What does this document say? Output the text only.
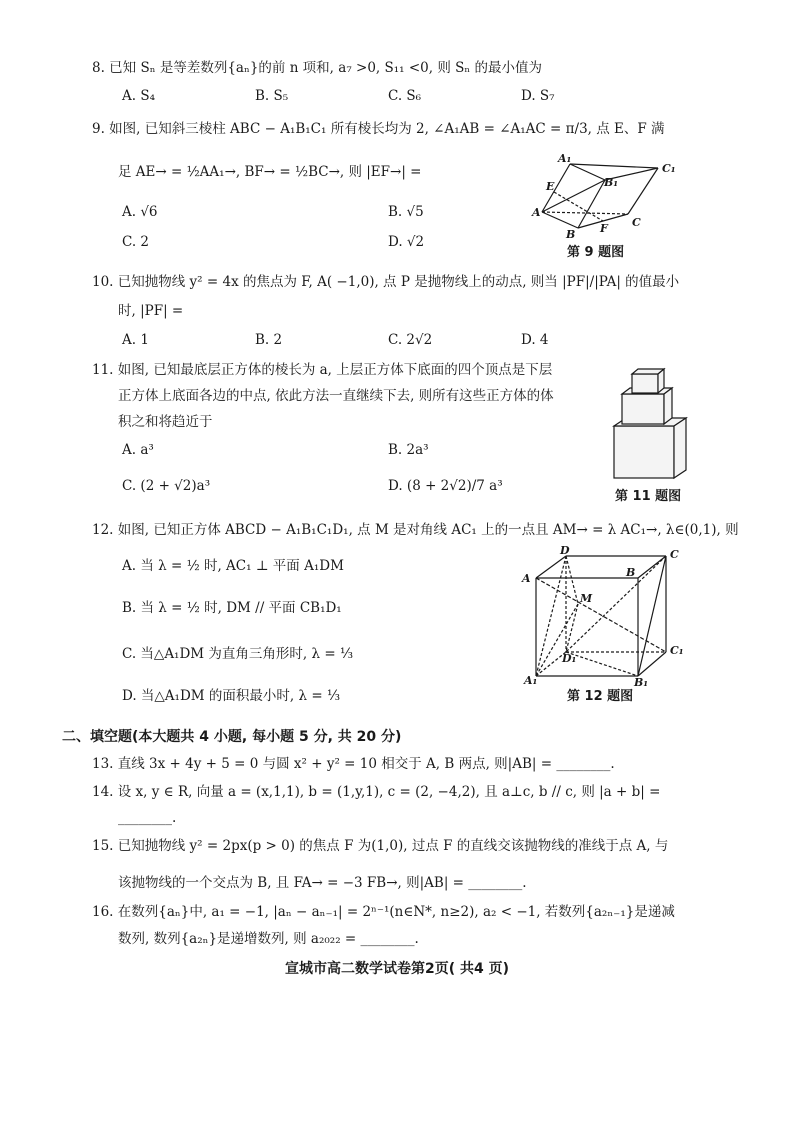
8. 已知 Sₙ 是等差数列{aₙ}的前 n 项和, a₇ >0, S₁₁ <0, 则 Sₙ 的最小值为
A. S₄	B. S₅	C. S₆	D. S₇
9. 如图, 已知斜三棱柱 ABC − A₁B₁C₁ 所有棱长均为 2, ∠A₁AB = ∠A₁AC = π/3, 点 E、F 满
足 AE→ = ½AA₁→, BF→ = ½BC→, 则 |EF→| =
A. √6	B. √5
C. 2	D. √2
A₁
B₁
C₁
E
A
B F C
第 9 题图
10. 已知抛物线 y² = 4x 的焦点为 F, A( −1,0), 点 P 是抛物线上的动点, 则当 |PF|/|PA| 的值最小
时, |PF| =
A. 1	B. 2	C. 2√2	D. 4
11. 如图, 已知最底层正方体的棱长为 a, 上层正方体下底面的四个顶点是下层
正方体上底面各边的中点, 依此方法一直继续下去, 则所有这些正方体的体
积之和将趋近于
A. a³	B. 2a³
C. (2 + √2)a³	D. (8 + 2√2)/7 a³
第 11 题图
12. 如图, 已知正方体 ABCD − A₁B₁C₁D₁, 点 M 是对角线 AC₁ 上的一点且 AM→ = λ AC₁→, λ∈(0,1), 则
A. 当 λ = ½ 时, AC₁ ⊥ 平面 A₁DM
B. 当 λ = ½ 时, DM // 平面 CB₁D₁
C. 当△A₁DM 为直角三角形时, λ = ⅓
D. 当△A₁DM 的面积最小时, λ = ⅓
D	C
A	B
M
D₁
C₁
A₁	B₁
第 12 题图
二、填空题(本大题共 4 小题, 每小题 5 分, 共 20 分)
13. 直线 3x + 4y + 5 = 0 与圆 x² + y² = 10 相交于 A, B 两点, 则|AB| = ________.
14. 设 x, y ∈ R, 向量 a = (x,1,1), b = (1,y,1), c = (2, −4,2), 且 a⊥c, b // c, 则 |a + b| =
________.
15. 已知抛物线 y² = 2px(p > 0) 的焦点 F 为(1,0), 过点 F 的直线交该抛物线的准线于点 A, 与
该抛物线的一个交点为 B, 且 FA→ = −3 FB→, 则|AB| = ________.
16. 在数列{aₙ}中, a₁ = −1, |aₙ − aₙ₋₁| = 2ⁿ⁻¹(n∈N*, n≥2), a₂ < −1, 若数列{a₂ₙ₋₁}是递减
数列, 数列{a₂ₙ}是递增数列, 则 a₂₀₂₂ = ________.
宣城市高二数学试卷第2页( 共4 页)
